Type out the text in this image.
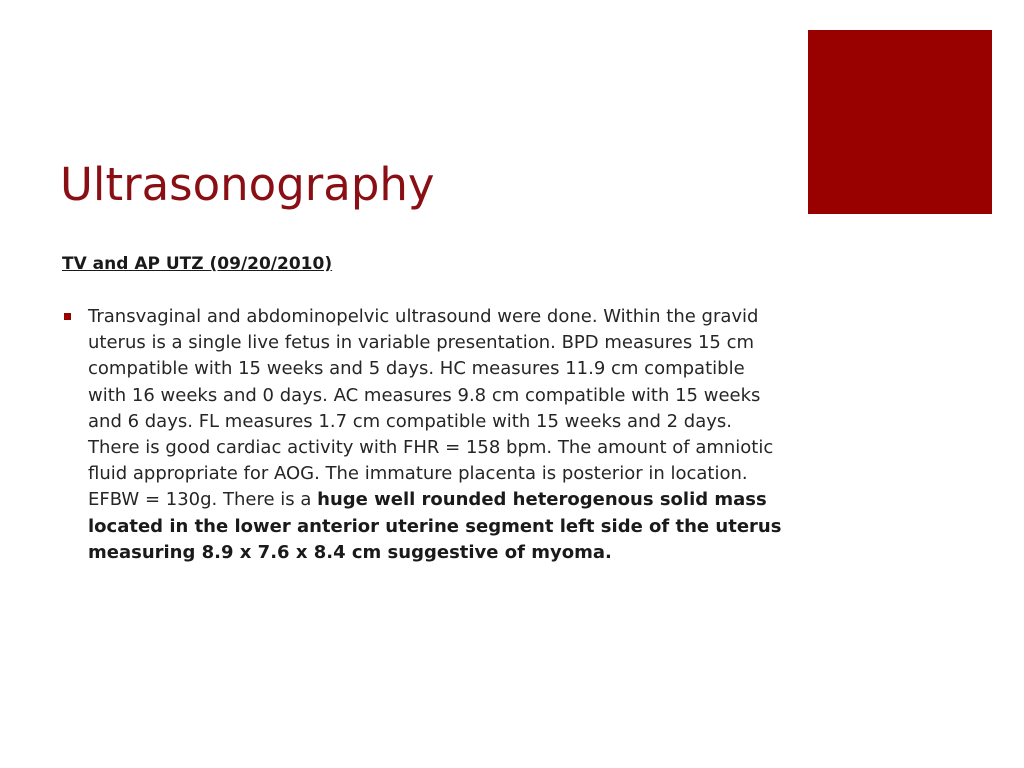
Ultrasonography
TV and AP UTZ (09/20/2010)
Transvaginal and abdominopelvic ultrasound were done. Within the gravid uterus is a single live fetus in variable presentation. BPD measures 15 cm compatible with 15 weeks and 5 days. HC measures 11.9 cm compatible with 16 weeks and 0 days. AC measures 9.8 cm compatible with 15 weeks and 6 days. FL measures 1.7 cm compatible with 15 weeks and 2 days. There is good cardiac activity with FHR = 158 bpm. The amount of amniotic fluid appropriate for AOG. The immature placenta is posterior in location. EFBW = 130g. There is a huge well rounded heterogenous solid mass located in the lower anterior uterine segment left side of the uterus measuring 8.9 x 7.6 x 8.4 cm suggestive of myoma.
